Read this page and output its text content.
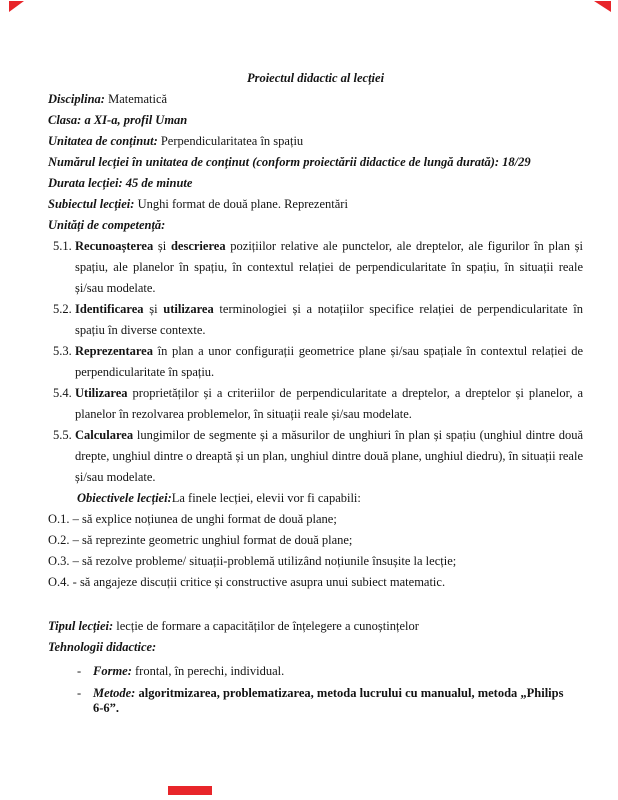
Proiectul didactic al lecției
Disciplina: Matematică
Clasa: a XI-a, profil Uman
Unitatea de conținut: Perpendicularitatea în spațiu
Numărul lecției în unitatea de conținut (conform proiectării didactice de lungă durată): 18/29
Durata lecției: 45 de minute
Subiectul lecției: Unghi format de două plane. Reprezentări
Unități de competență:
5.1. Recunoașterea și descrierea pozițiilor relative ale punctelor, ale dreptelor, ale figurilor în plan și spațiu, ale planelor în spațiu, în contextul relației de perpendicularitate în spațiu, în situații reale și/sau modelate.
5.2. Identificarea și utilizarea terminologiei și a notațiilor specifice relației de perpendicularitate în spațiu în diverse contexte.
5.3. Reprezentarea în plan a unor configurații geometrice plane și/sau spațiale în contextul relației de perpendicularitate în spațiu.
5.4. Utilizarea proprietăților și a criteriilor de perpendicularitate a dreptelor, a dreptelor și planelor, a planelor în rezolvarea problemelor, în situații reale și/sau modelate.
5.5. Calcularea lungimilor de segmente și a măsurilor de unghiuri în plan și spațiu (unghiul dintre două drepte, unghiul dintre o dreaptă și un plan, unghiul dintre două plane, unghiul diedru), în situații reale și/sau modelate.
Obiectivele lecției:La finele lecției, elevii vor fi capabili:
O.1. – să explice noțiunea de unghi format de două plane;
O.2. – să reprezinte geometric unghiul format de două plane;
O.3. – să rezolve probleme/ situații-problemă utilizând noțiunile însușite la lecție;
O.4. - să angajeze discuții critice și constructive asupra unui subiect matematic.
Tipul lecției: lecție de formare a capacităților de înțelegere a cunoștințelor
Tehnologii didactice:
- Forme: frontal, în perechi, individual.
- Metode: algoritmizarea, problematizarea, metoda lucrului cu manualul, metoda „Philips 6-6”.
